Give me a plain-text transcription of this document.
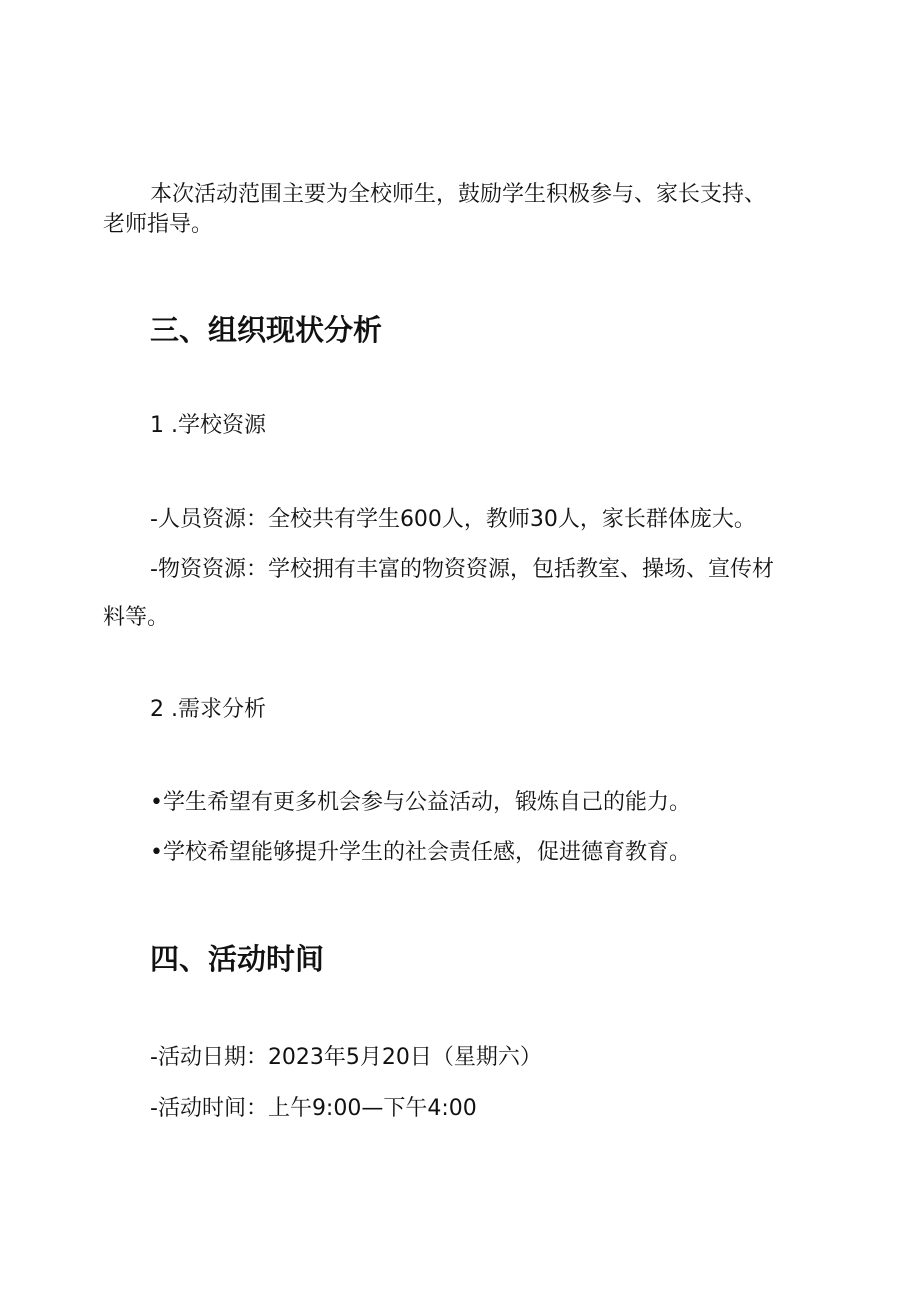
本次活动范围主要为全校师生，鼓励学生积极参与、家长支持、
老师指导。
三、组织现状分析
1 .学校资源
-人员资源：全校共有学生600人，教师30人，家长群体庞大。
-物资资源：学校拥有丰富的物资资源，包括教室、操场、宣传材
料等。
2 .需求分析
•学生希望有更多机会参与公益活动，锻炼自己的能力。
•学校希望能够提升学生的社会责任感，促进德育教育。
四、活动时间
-活动日期：2023年5月20日（星期六）
-活动时间：上午9:00—下午4:00
